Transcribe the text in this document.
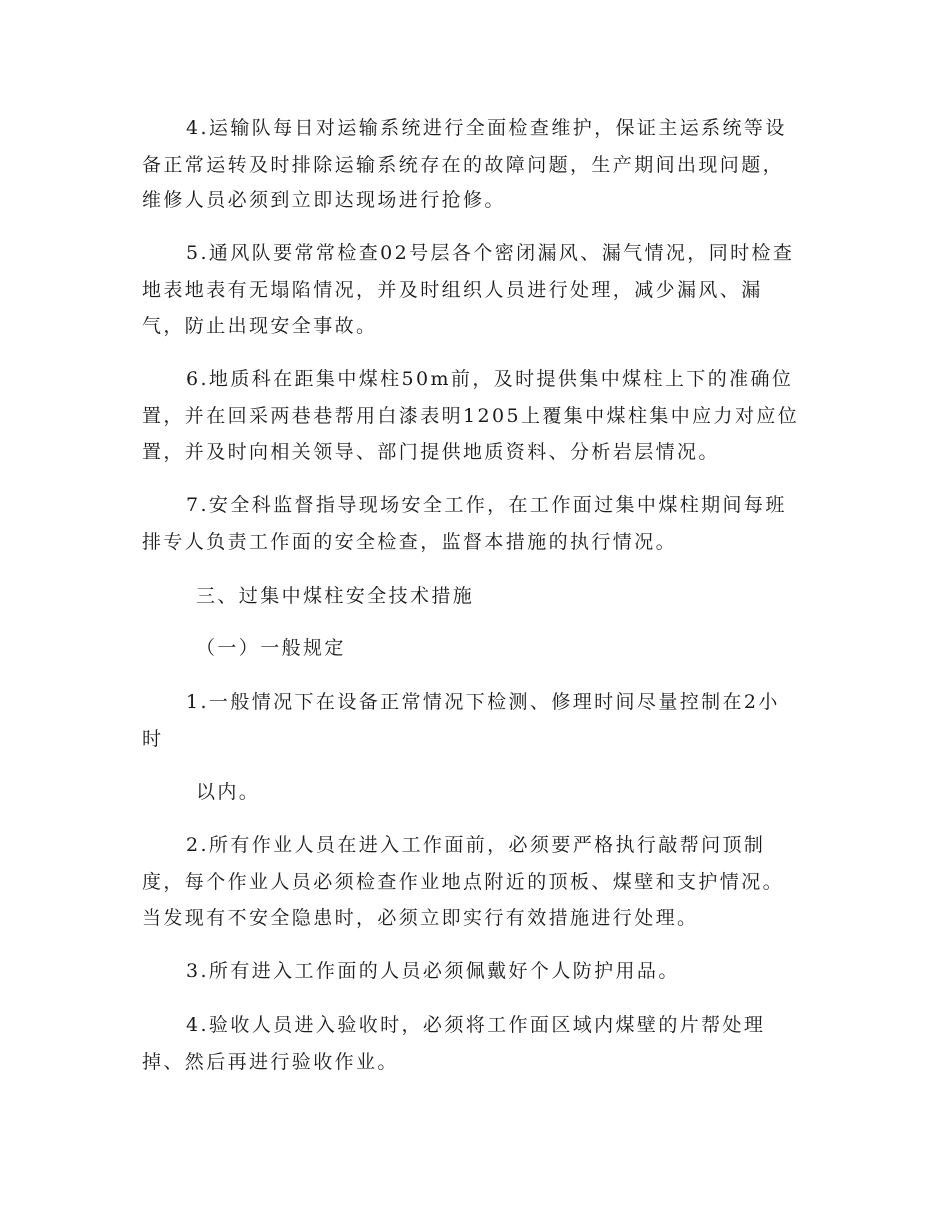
4.运输队每日对运输系统进行全面检查维护，保证主运系统等设
备正常运转及时排除运输系统存在的故障问题，生产期间出现问题，
维修人员必须到立即达现场进行抢修。
5.通风队要常常检查02号层各个密闭漏风、漏气情况，同时检查
地表地表有无塌陷情况，并及时组织人员进行处理，减少漏风、漏
气，防止出现安全事故。
6.地质科在距集中煤柱50m前，及时提供集中煤柱上下的准确位
置，并在回采两巷巷帮用白漆表明1205上覆集中煤柱集中应力对应位
置，并及时向相关领导、部门提供地质资料、分析岩层情况。
7.安全科监督指导现场安全工作，在工作面过集中煤柱期间每班
排专人负责工作面的安全检查，监督本措施的执行情况。
三、过集中煤柱安全技术措施
（一）一般规定
1.一般情况下在设备正常情况下检测、修理时间尽量控制在2小
时
以内。
2.所有作业人员在进入工作面前，必须要严格执行敲帮问顶制
度，每个作业人员必须检查作业地点附近的顶板、煤壁和支护情况。
当发现有不安全隐患时，必须立即实行有效措施进行处理。
3.所有进入工作面的人员必须佩戴好个人防护用品。
4.验收人员进入验收时，必须将工作面区域内煤壁的片帮处理
掉、然后再进行验收作业。
